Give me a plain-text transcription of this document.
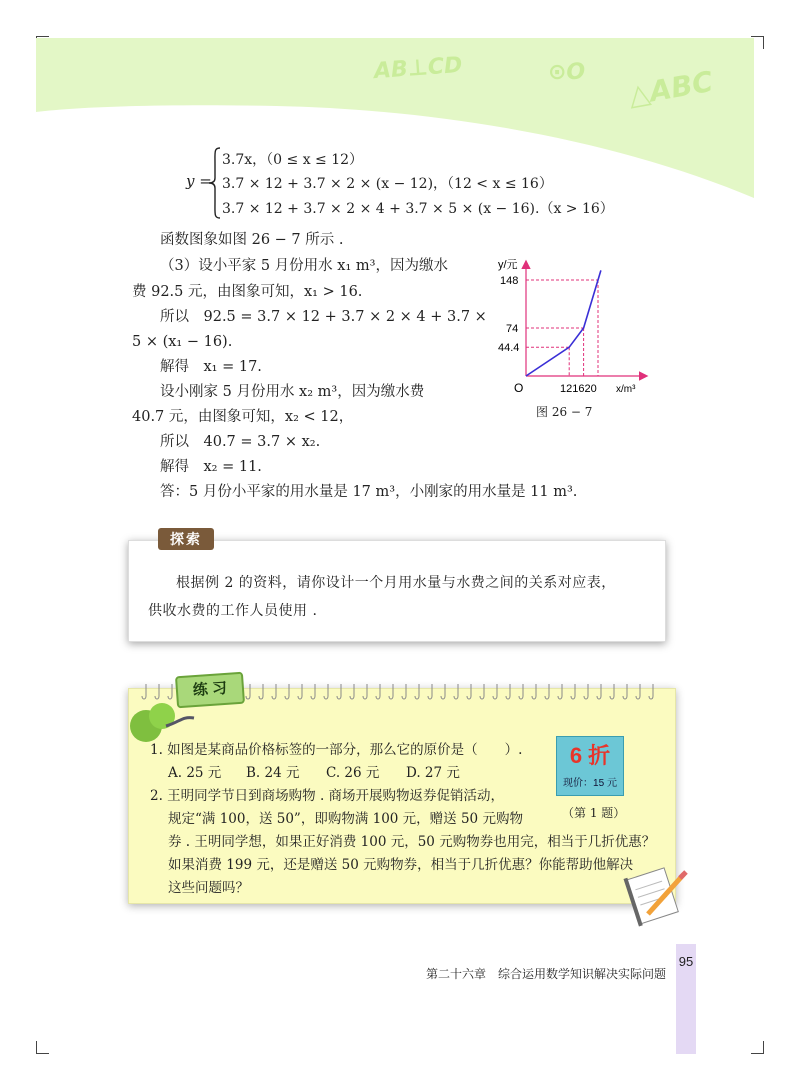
AB⊥CD	⊙O △ABC
y =
3.7x，（0 ≤ x ≤ 12）
3.7 × 12 + 3.7 × 2 × (x − 12)，（12 < x ≤ 16）
3.7 × 12 + 3.7 × 2 × 4 + 3.7 × 5 × (x − 16).（x > 16）
函数图象如图 26 − 7 所示 .
（3）设小平家 5 月份用水 x₁ m³，因为缴水
费 92.5 元，由图象可知，x₁ > 16.
所以　92.5 = 3.7 × 12 + 3.7 × 2 × 4 + 3.7 ×
5 × (x₁ − 16).
解得　x₁ = 17.
设小刚家 5 月份用水 x₂ m³，因为缴水费
40.7 元，由图象可知，x₂ < 12，
所以　40.7 = 3.7 × x₂.
解得　x₂ = 11.
答：5 月份小平家的用水量是 17 m³，小刚家的用水量是 11 m³.
y/元
x/m³
O	121620
44.4
74
148
图 26 − 7
探索
根据例 2 的资料，请你设计一个月用水量与水费之间的关系对应表，
供收水费的工作人员使用 .
练 习
1. 如图是某商品价格标签的一部分，那么它的原价是（　　）.
A. 25 元 B. 24 元 C. 26 元 D. 27 元
2. 王明同学节日到商场购物 . 商场开展购物返券促销活动，
规定“满 100，送 50”，即购物满 100 元，赠送 50 元购物
券 . 王明同学想，如果正好消费 100 元，50 元购物券也用完，相当于几折优惠？
如果消费 199 元，还是赠送 50 元购物券，相当于几折优惠？你能帮助他解决
这些问题吗？
6 折
现价：15 元
（第 1 题）
第二十六章　综合运用数学知识解决实际问题
95
